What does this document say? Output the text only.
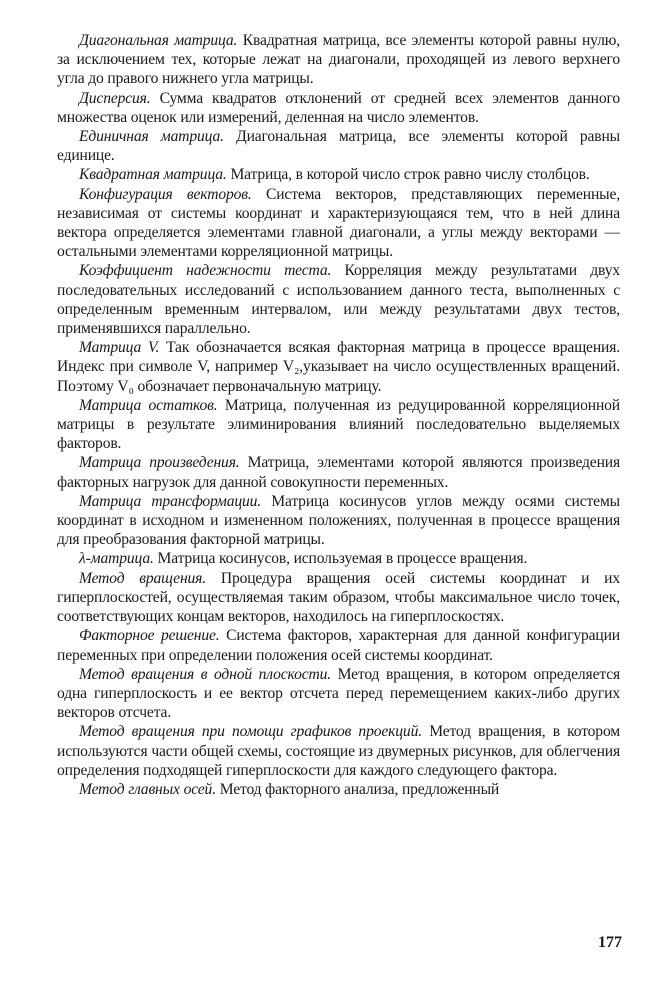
Диагональная матрица. Квадратная матрица, все элементы которой равны нулю, за исключением тех, которые лежат на диагонали, проходящей из левого верхнего угла до правого нижнего угла матрицы.

Дисперсия. Сумма квадратов отклонений от средней всех элементов данного множества оценок или измерений, деленная на число элементов.

Единичная матрица. Диагональная матрица, все элементы которой равны единице.

Квадратная матрица. Матрица, в которой число строк равно числу столбцов.

Конфигурация векторов. Система векторов, представляющих переменные, независимая от системы координат и характеризующаяся тем, что в ней длина вектора определяется элементами главной диагонали, а углы между векторами — остальными элементами корреляционной матрицы.

Коэффициент надежности теста. Корреляция между результатами двух последовательных исследований с использованием данного теста, выполненных с определенным временным интервалом, или между результатами двух тестов, применявшихся параллельно.

Матрица V. Так обозначается всякая факторная матрица в процессе вращения. Индекс при символе V, например V₂,указывает на число осуществленных вращений. Поэтому V₀ обозначает первоначальную матрицу.

Матрица остатков. Матрица, полученная из редуцированной корреляционной матрицы в результате элиминирования влияний последовательно выделяемых факторов.

Матрица произведения. Матрица, элементами которой являются произведения факторных нагрузок для данной совокупности переменных.

Матрица трансформации. Матрица косинусов углов между осями системы координат в исходном и измененном положениях, полученная в процессе вращения для преобразования факторной матрицы.

λ-матрица. Матрица косинусов, используемая в процессе вращения.

Метод вращения. Процедура вращения осей системы координат и их гиперплоскостей, осуществляемая таким образом, чтобы максимальное число точек, соответствующих концам векторов, находилось на гиперплоскостях.

Факторное решение. Система факторов, характерная для данной конфигурации переменных при определении положения осей системы координат.

Метод вращения в одной плоскости. Метод вращения, в котором определяется одна гиперплоскость и ее вектор отсчета перед перемещением каких-либо других векторов отсчета.

Метод вращения при помощи графиков проекций. Метод вращения, в котором используются части общей схемы, состоящие из двумерных рисунков, для облегчения определения подходящей гиперплоскости для каждого следующего фактора.

Метод главных осей. Метод факторного анализа, предложенный

177
